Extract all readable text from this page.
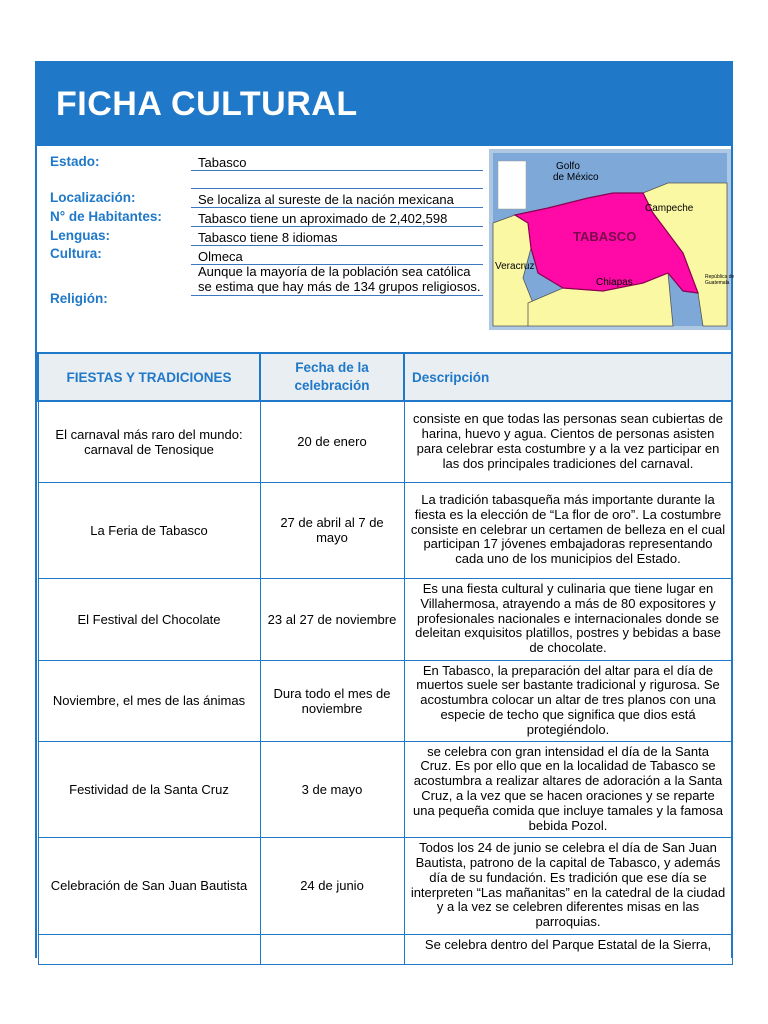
FICHA CULTURAL
Estado:	Tabasco
Localización:	Se localiza al sureste de la nación mexicana
N° de Habitantes:	Tabasco tiene un aproximado de 2,402,598
Lenguas:	Tabasco tiene 8 idiomas
Cultura:	Olmeca
Religión:
Aunque la mayoría de la población sea católica se estima que hay más de 134 grupos religiosos.
Golfo de México
Campeche
TABASCO
Veracruz
Chiapas	República de Guatemala
FIESTAS Y TRADICIONES	Fecha de la celebración	Descripción
El carnaval más raro del mundo: carnaval de Tenosique	20 de enero	consiste en que todas las personas sean cubiertas de harina, huevo y agua. Cientos de personas asisten para celebrar esta costumbre y a la vez participar en las dos principales tradiciones del carnaval.
La Feria de Tabasco	27 de abril al 7 de mayo	La tradición tabasqueña más importante durante la fiesta es la elección de “La flor de oro”. La costumbre consiste en celebrar un certamen de belleza en el cual participan 17 jóvenes embajadoras representando cada uno de los municipios del Estado.
El Festival del Chocolate	23 al 27 de noviembre	Es una fiesta cultural y culinaria que tiene lugar en Villahermosa, atrayendo a más de 80 expositores y profesionales nacionales e internacionales donde se deleitan exquisitos platillos, postres y bebidas a base de chocolate.
Noviembre, el mes de las ánimas	Dura todo el mes de noviembre	En Tabasco, la preparación del altar para el día de muertos suele ser bastante tradicional y rigurosa. Se acostumbra colocar un altar de tres planos con una especie de techo que significa que dios está protegiéndolo.
Festividad de la Santa Cruz	3 de mayo	se celebra con gran intensidad el día de la Santa Cruz. Es por ello que en la localidad de Tabasco se acostumbra a realizar altares de adoración a la Santa Cruz, a la vez que se hacen oraciones y se reparte una pequeña comida que incluye tamales y la famosa bebida Pozol.
Celebración de San Juan Bautista	24 de junio	Todos los 24 de junio se celebra el día de San Juan Bautista, patrono de la capital de Tabasco, y además día de su fundación. Es tradición que ese día se interpreten “Las mañanitas” en la catedral de la ciudad y a la vez se celebren diferentes misas en las parroquias.
		Se celebra dentro del Parque Estatal de la Sierra,
